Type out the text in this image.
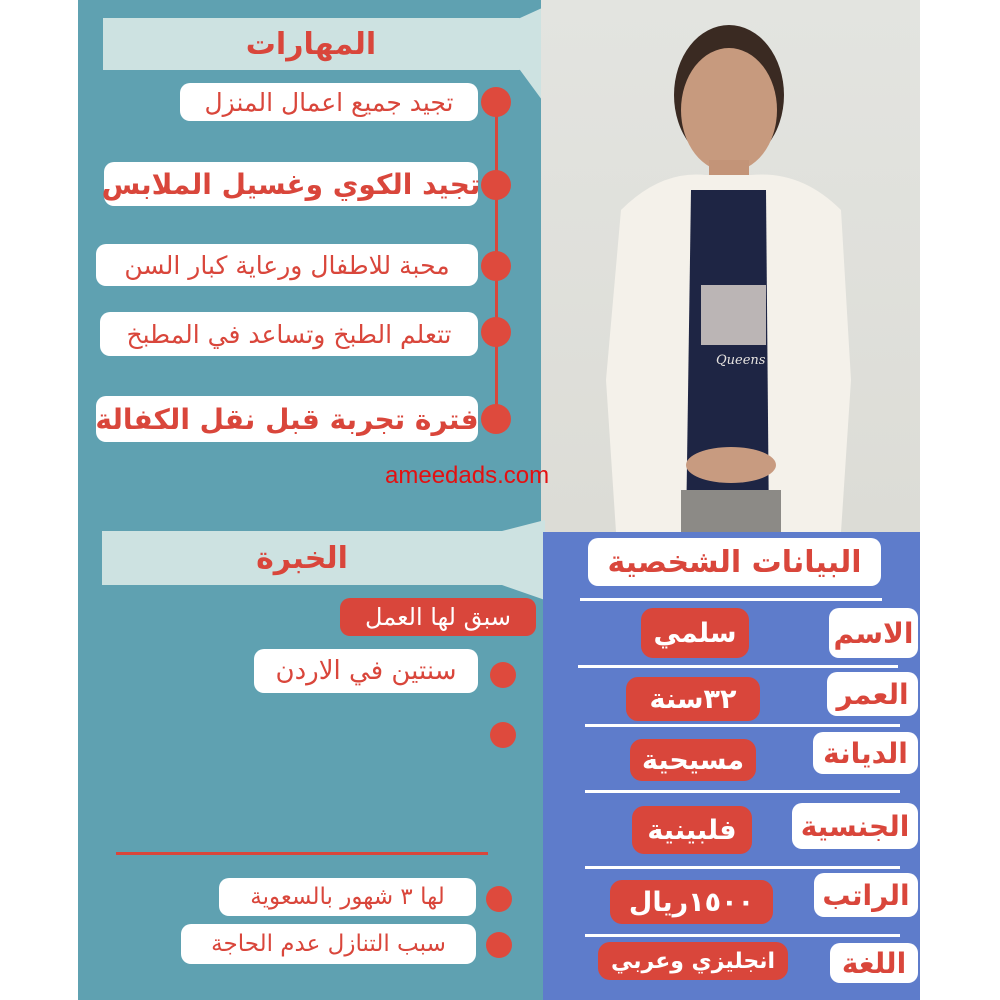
المهارات
تجيد جميع اعمال المنزل
تجيد الكوي وغسيل الملابس
محبة للاطفال ورعاية كبار السن
تتعلم الطبخ وتساعد في المطبخ
فترة تجربة قبل نقل الكفالة
Queens
ameedads.com
الخبرة
سبق لها العمل
سنتين في الاردن
لها ٣ شهور بالسعوية
سبب التنازل عدم الحاجة
البيانات الشخصية
سلمي	الاسم
٣٢سنة	العمر
مسيحية	الديانة
فلبينية	الجنسية
١٥٠٠ريال	الراتب
انجليزي وعربي	اللغة
